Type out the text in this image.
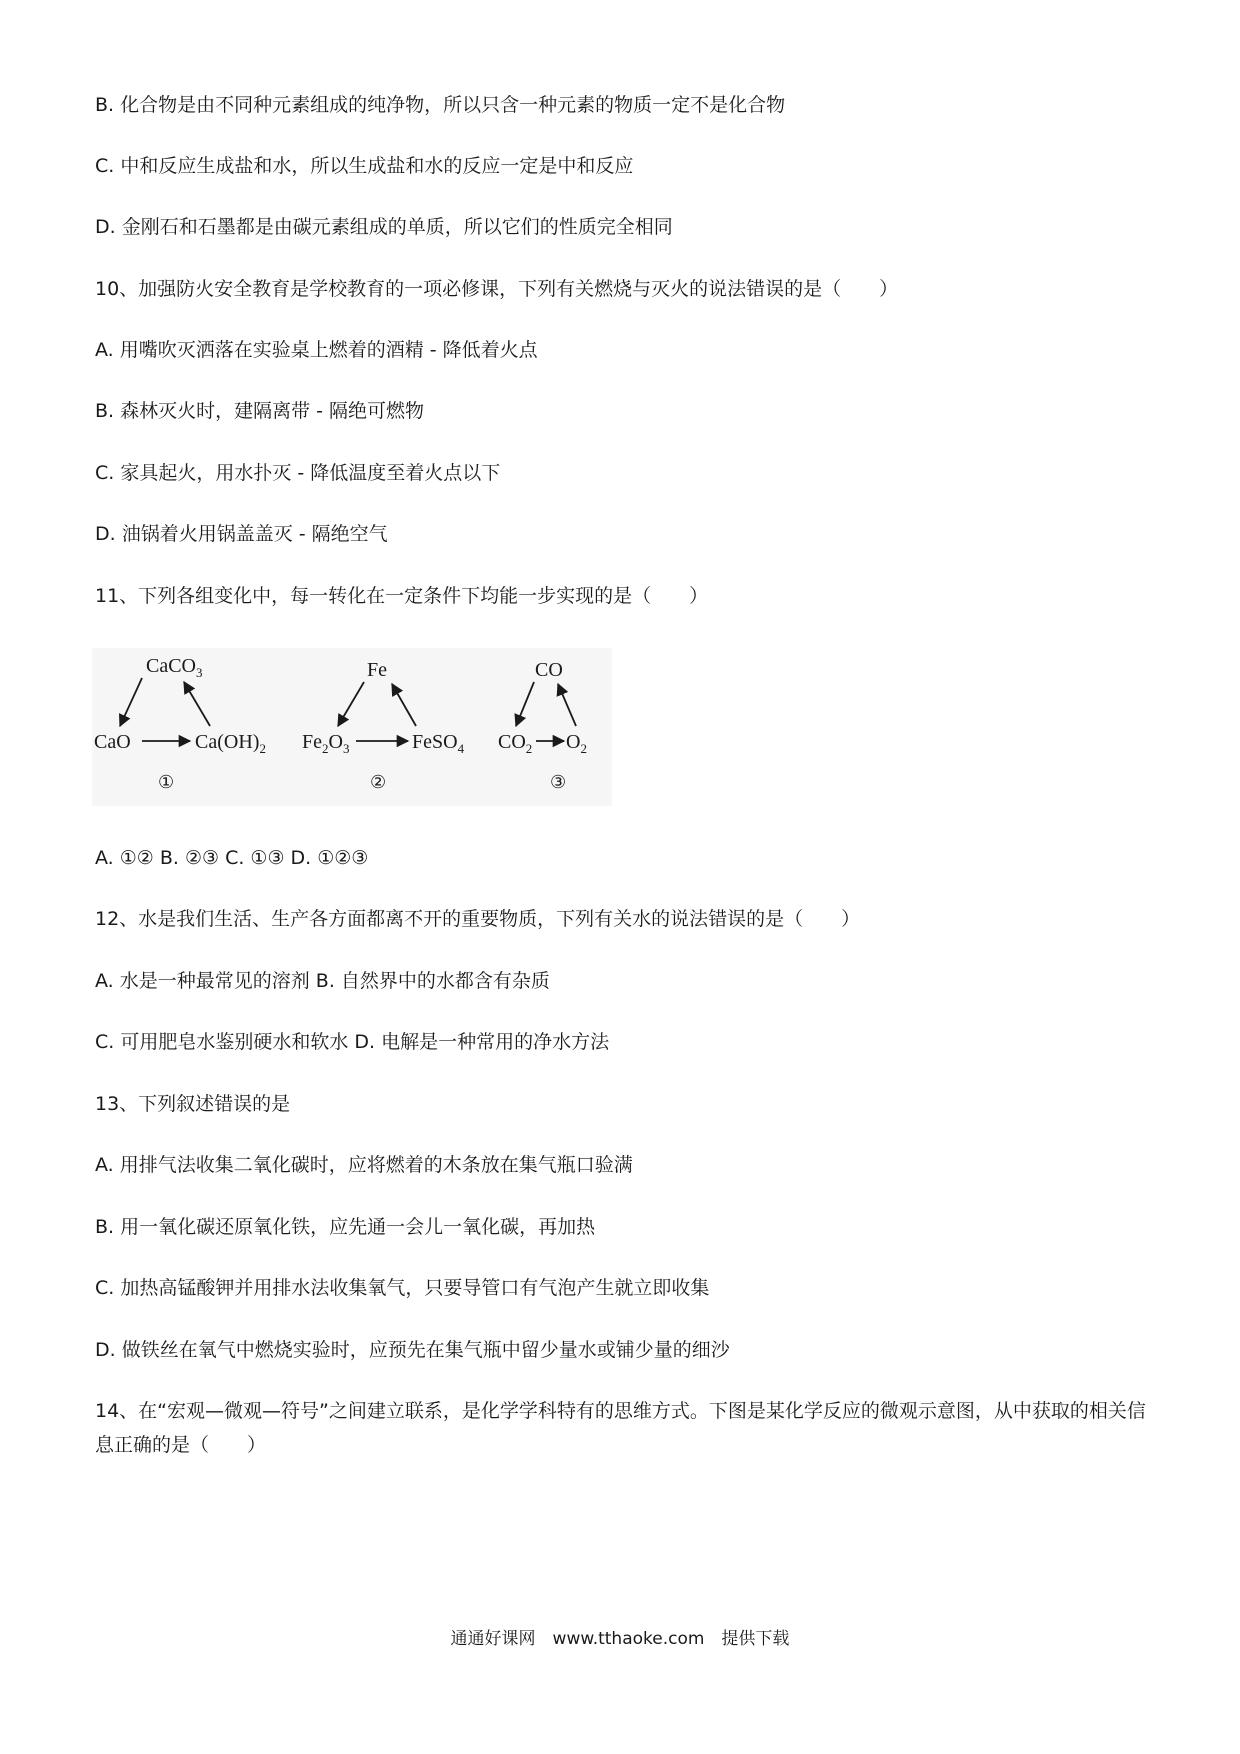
B. 化合物是由不同种元素组成的纯净物，所以只含一种元素的物质一定不是化合物
C. 中和反应生成盐和水，所以生成盐和水的反应一定是中和反应
D. 金刚石和石墨都是由碳元素组成的单质，所以它们的性质完全相同
10、加强防火安全教育是学校教育的一项必修课，下列有关燃烧与灭火的说法错误的是（　　）
A. 用嘴吹灭洒落在实验桌上燃着的酒精 - 降低着火点
B. 森林灭火时，建隔离带 - 隔绝可燃物
C. 家具起火，用水扑灭 - 降低温度至着火点以下
D. 油锅着火用锅盖盖灭 - 隔绝空气
11、下列各组变化中，每一转化在一定条件下均能一步实现的是（　　）
CaCO$_3$
CaO	$Ca(OH)_2$
①
Fe
$Fe_2O_3$	FeSO$_4$
②
CO
$CO_2$ $O_2$
③
A. ①② B. ②③ C. ①③ D. ①②③
12、水是我们生活、生产各方面都离不开的重要物质，下列有关水的说法错误的是（　　）
A. 水是一种最常见的溶剂 B. 自然界中的水都含有杂质
C. 可用肥皂水鉴别硬水和软水 D. 电解是一种常用的净水方法
13、下列叙述错误的是
A. 用排气法收集二氧化碳时，应将燃着的木条放在集气瓶口验满
B. 用一氧化碳还原氧化铁，应先通一会儿一氧化碳，再加热
C. 加热高锰酸钾并用排水法收集氧气，只要导管口有气泡产生就立即收集
D. 做铁丝在氧气中燃烧实验时，应预先在集气瓶中留少量水或铺少量的细沙
14、在“宏观—微观—符号”之间建立联系，是化学学科特有的思维方式。下图是某化学反应的微观示意图，从中获取的相关信息正确的是（　　）
通通好课网　www.tthaoke.com　提供下载
